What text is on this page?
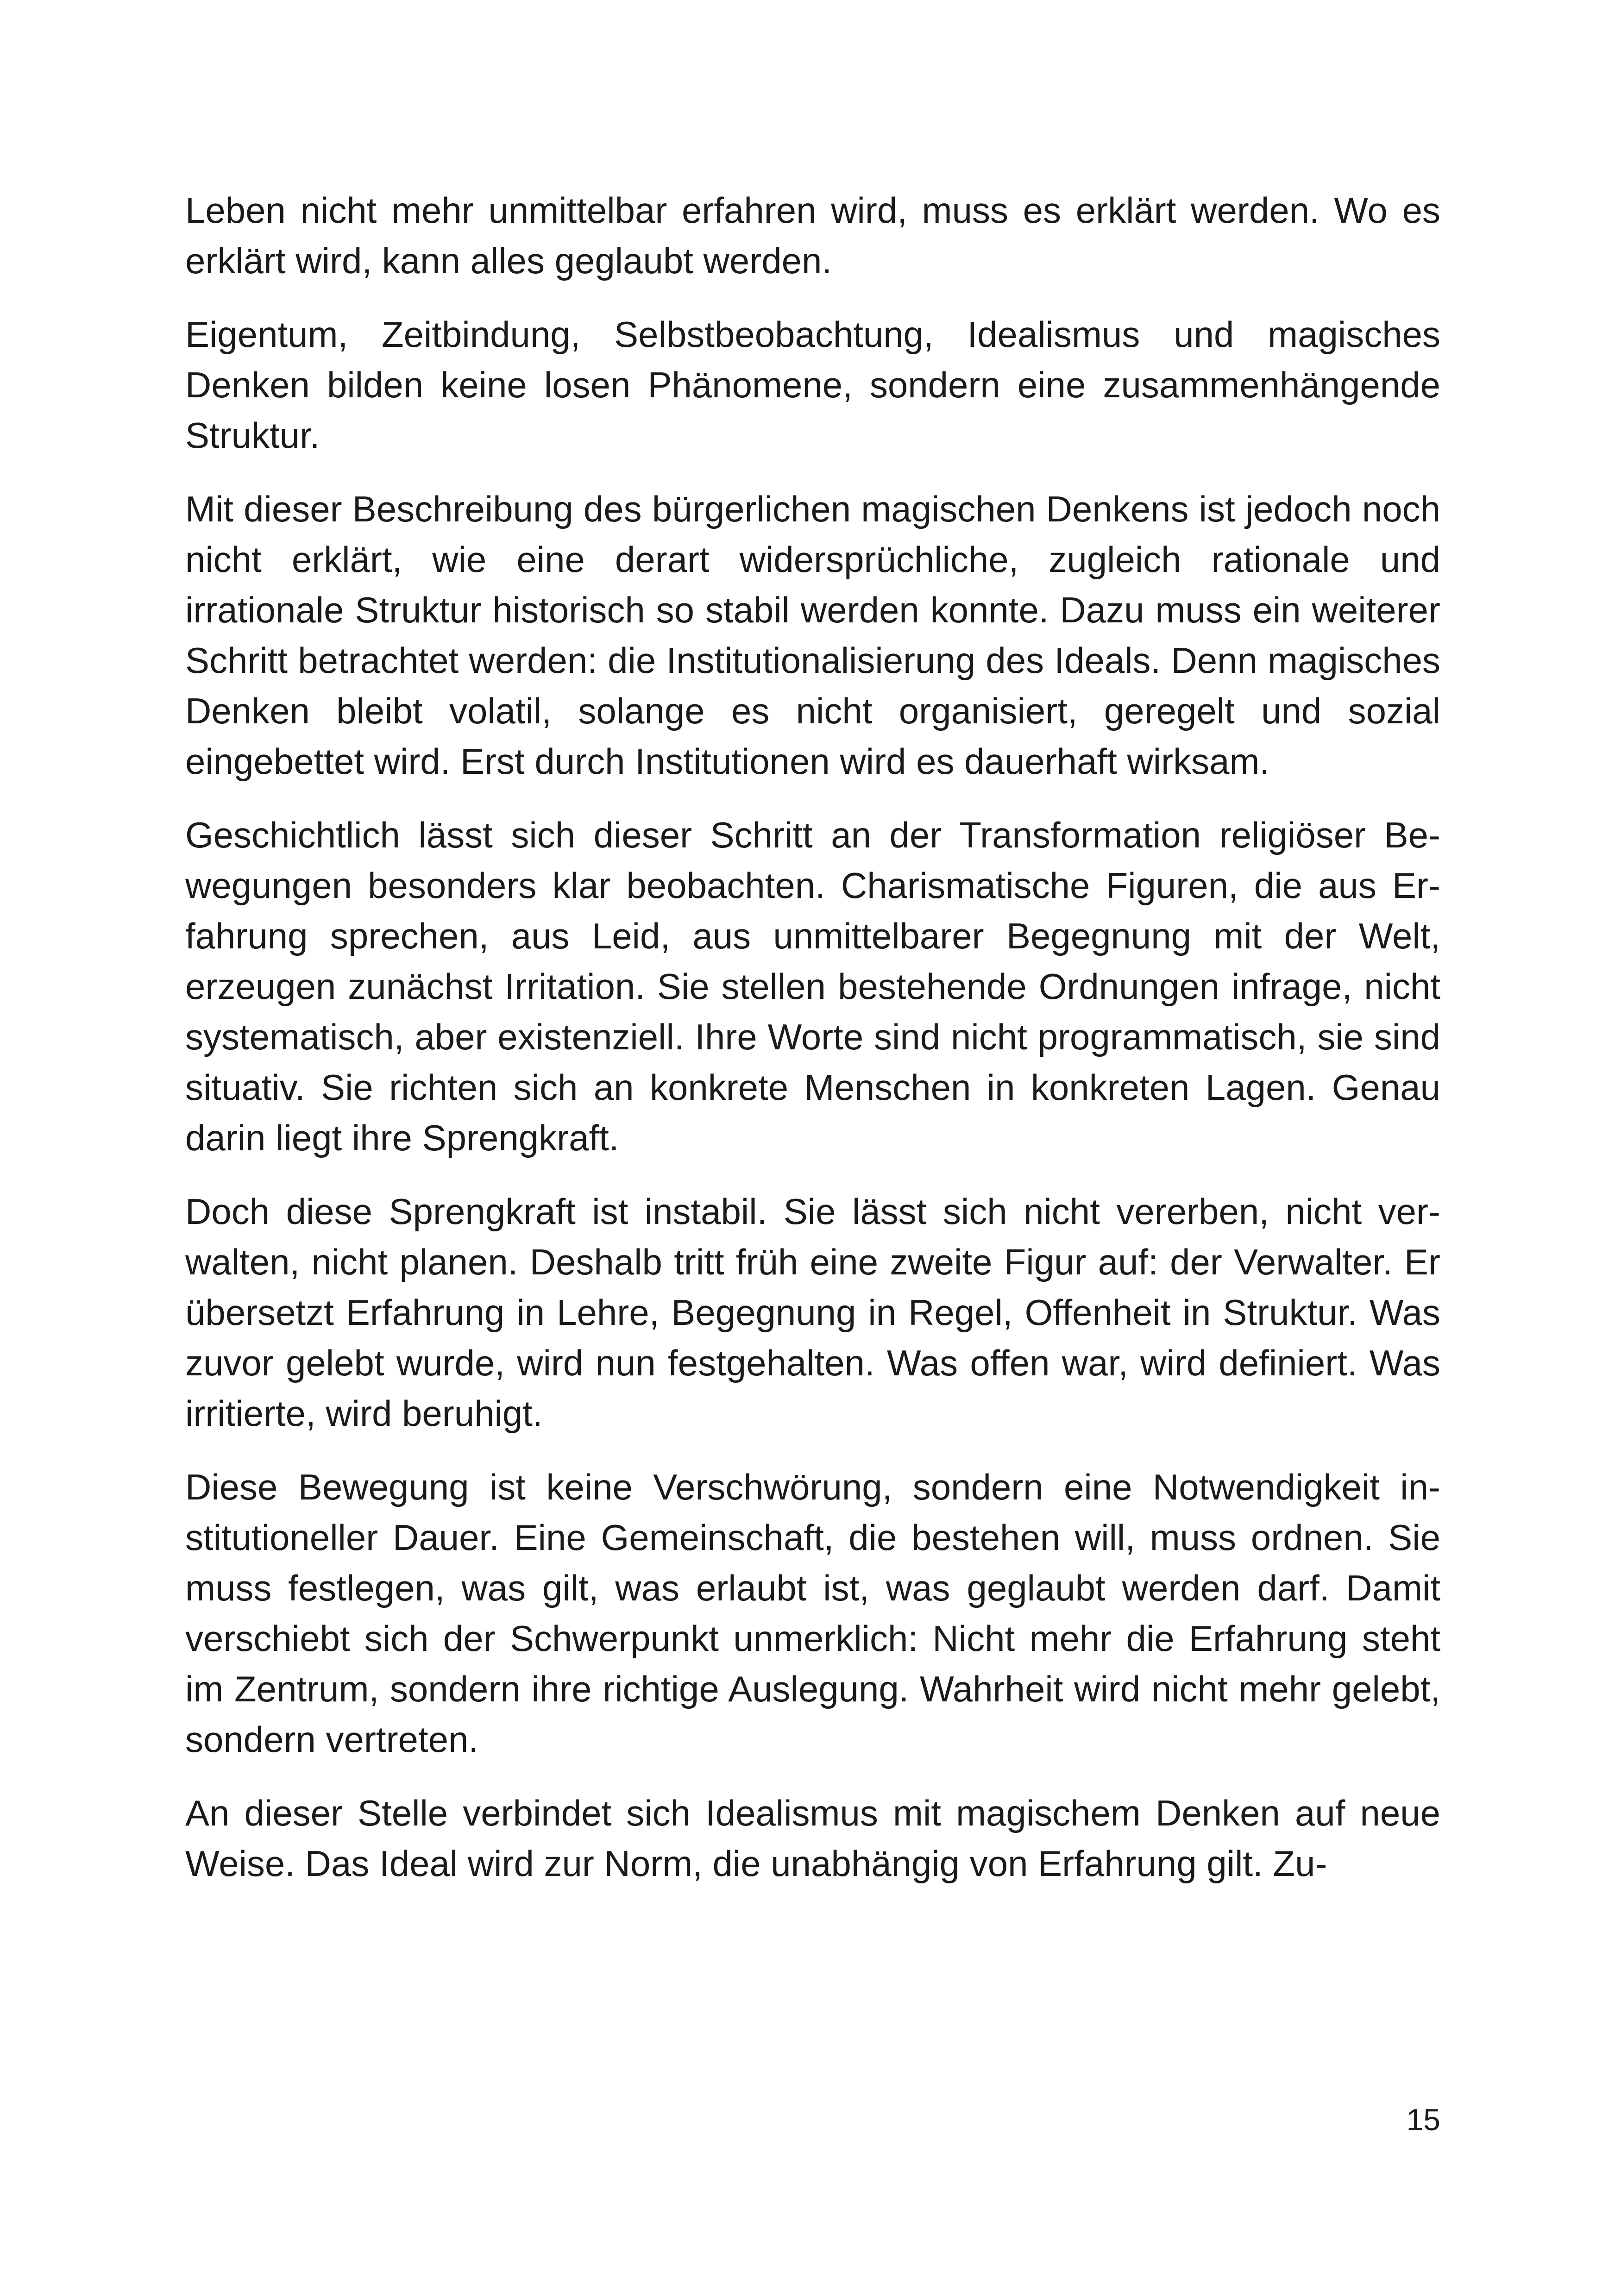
Leben nicht mehr unmittelbar erfahren wird, muss es erklärt werden. Wo es erklärt wird, kann alles geglaubt werden.

Eigentum, Zeitbindung, Selbstbeobachtung, Idealismus und magisches Denken bilden keine losen Phänomene, sondern eine zusammenhängende Struktur.

Mit dieser Beschreibung des bürgerlichen magischen Denkens ist jedoch noch nicht erklärt, wie eine derart widersprüchliche, zugleich rationale und irrationale Struktur historisch so stabil werden konnte. Dazu muss ein weiterer Schritt betrachtet werden: die Institutionalisierung des Ideals. Denn magisches Denken bleibt volatil, solange es nicht organisiert, geregelt und sozial eingebettet wird. Erst durch Institutionen wird es dauerhaft wirksam.

Geschichtlich lässt sich dieser Schritt an der Transformation religiöser Bewegungen besonders klar beobachten. Charismatische Figuren, die aus Erfahrung sprechen, aus Leid, aus unmittelbarer Begegnung mit der Welt, erzeugen zunächst Irritation. Sie stellen bestehende Ordnungen infrage, nicht systematisch, aber existenziell. Ihre Worte sind nicht programmatisch, sie sind situativ. Sie richten sich an konkrete Menschen in konkreten Lagen. Genau darin liegt ihre Sprengkraft.

Doch diese Sprengkraft ist instabil. Sie lässt sich nicht vererben, nicht verwalten, nicht planen. Deshalb tritt früh eine zweite Figur auf: der Verwalter. Er übersetzt Erfahrung in Lehre, Begegnung in Regel, Offenheit in Struktur. Was zuvor gelebt wurde, wird nun festgehalten. Was offen war, wird definiert. Was irritierte, wird beruhigt.

Diese Bewegung ist keine Verschwörung, sondern eine Notwendigkeit institutioneller Dauer. Eine Gemeinschaft, die bestehen will, muss ordnen. Sie muss festlegen, was gilt, was erlaubt ist, was geglaubt werden darf. Damit verschiebt sich der Schwerpunkt unmerklich: Nicht mehr die Erfahrung steht im Zentrum, sondern ihre richtige Auslegung. Wahrheit wird nicht mehr gelebt, sondern vertreten.

An dieser Stelle verbindet sich Idealismus mit magischem Denken auf neue Weise. Das Ideal wird zur Norm, die unabhängig von Erfahrung gilt. Zu-

15
